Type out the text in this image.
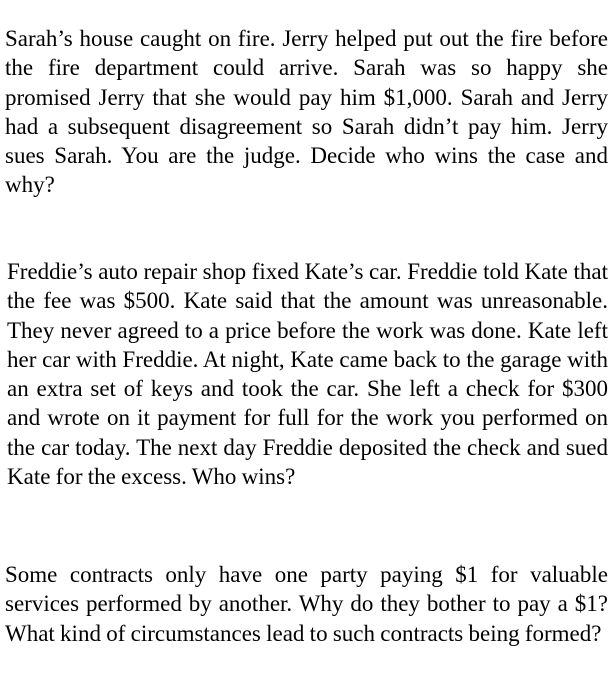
Sarah’s house caught on fire. Jerry helped put out the fire before the fire department could arrive. Sarah was so happy she promised Jerry that she would pay him $1,000. Sarah and Jerry had a subsequent disagreement so Sarah didn’t pay him. Jerry sues Sarah. You are the judge. Decide who wins the case and why?

Freddie’s auto repair shop fixed Kate’s car. Freddie told Kate that the fee was $500. Kate said that the amount was unreasonable. They never agreed to a price before the work was done. Kate left her car with Freddie. At night, Kate came back to the garage with an extra set of keys and took the car. She left a check for $300 and wrote on it payment for full for the work you performed on the car today. The next day Freddie deposited the check and sued Kate for the excess. Who wins?

Some contracts only have one party paying $1 for valuable services performed by another. Why do they bother to pay a $1? What kind of circumstances lead to such contracts being formed?
